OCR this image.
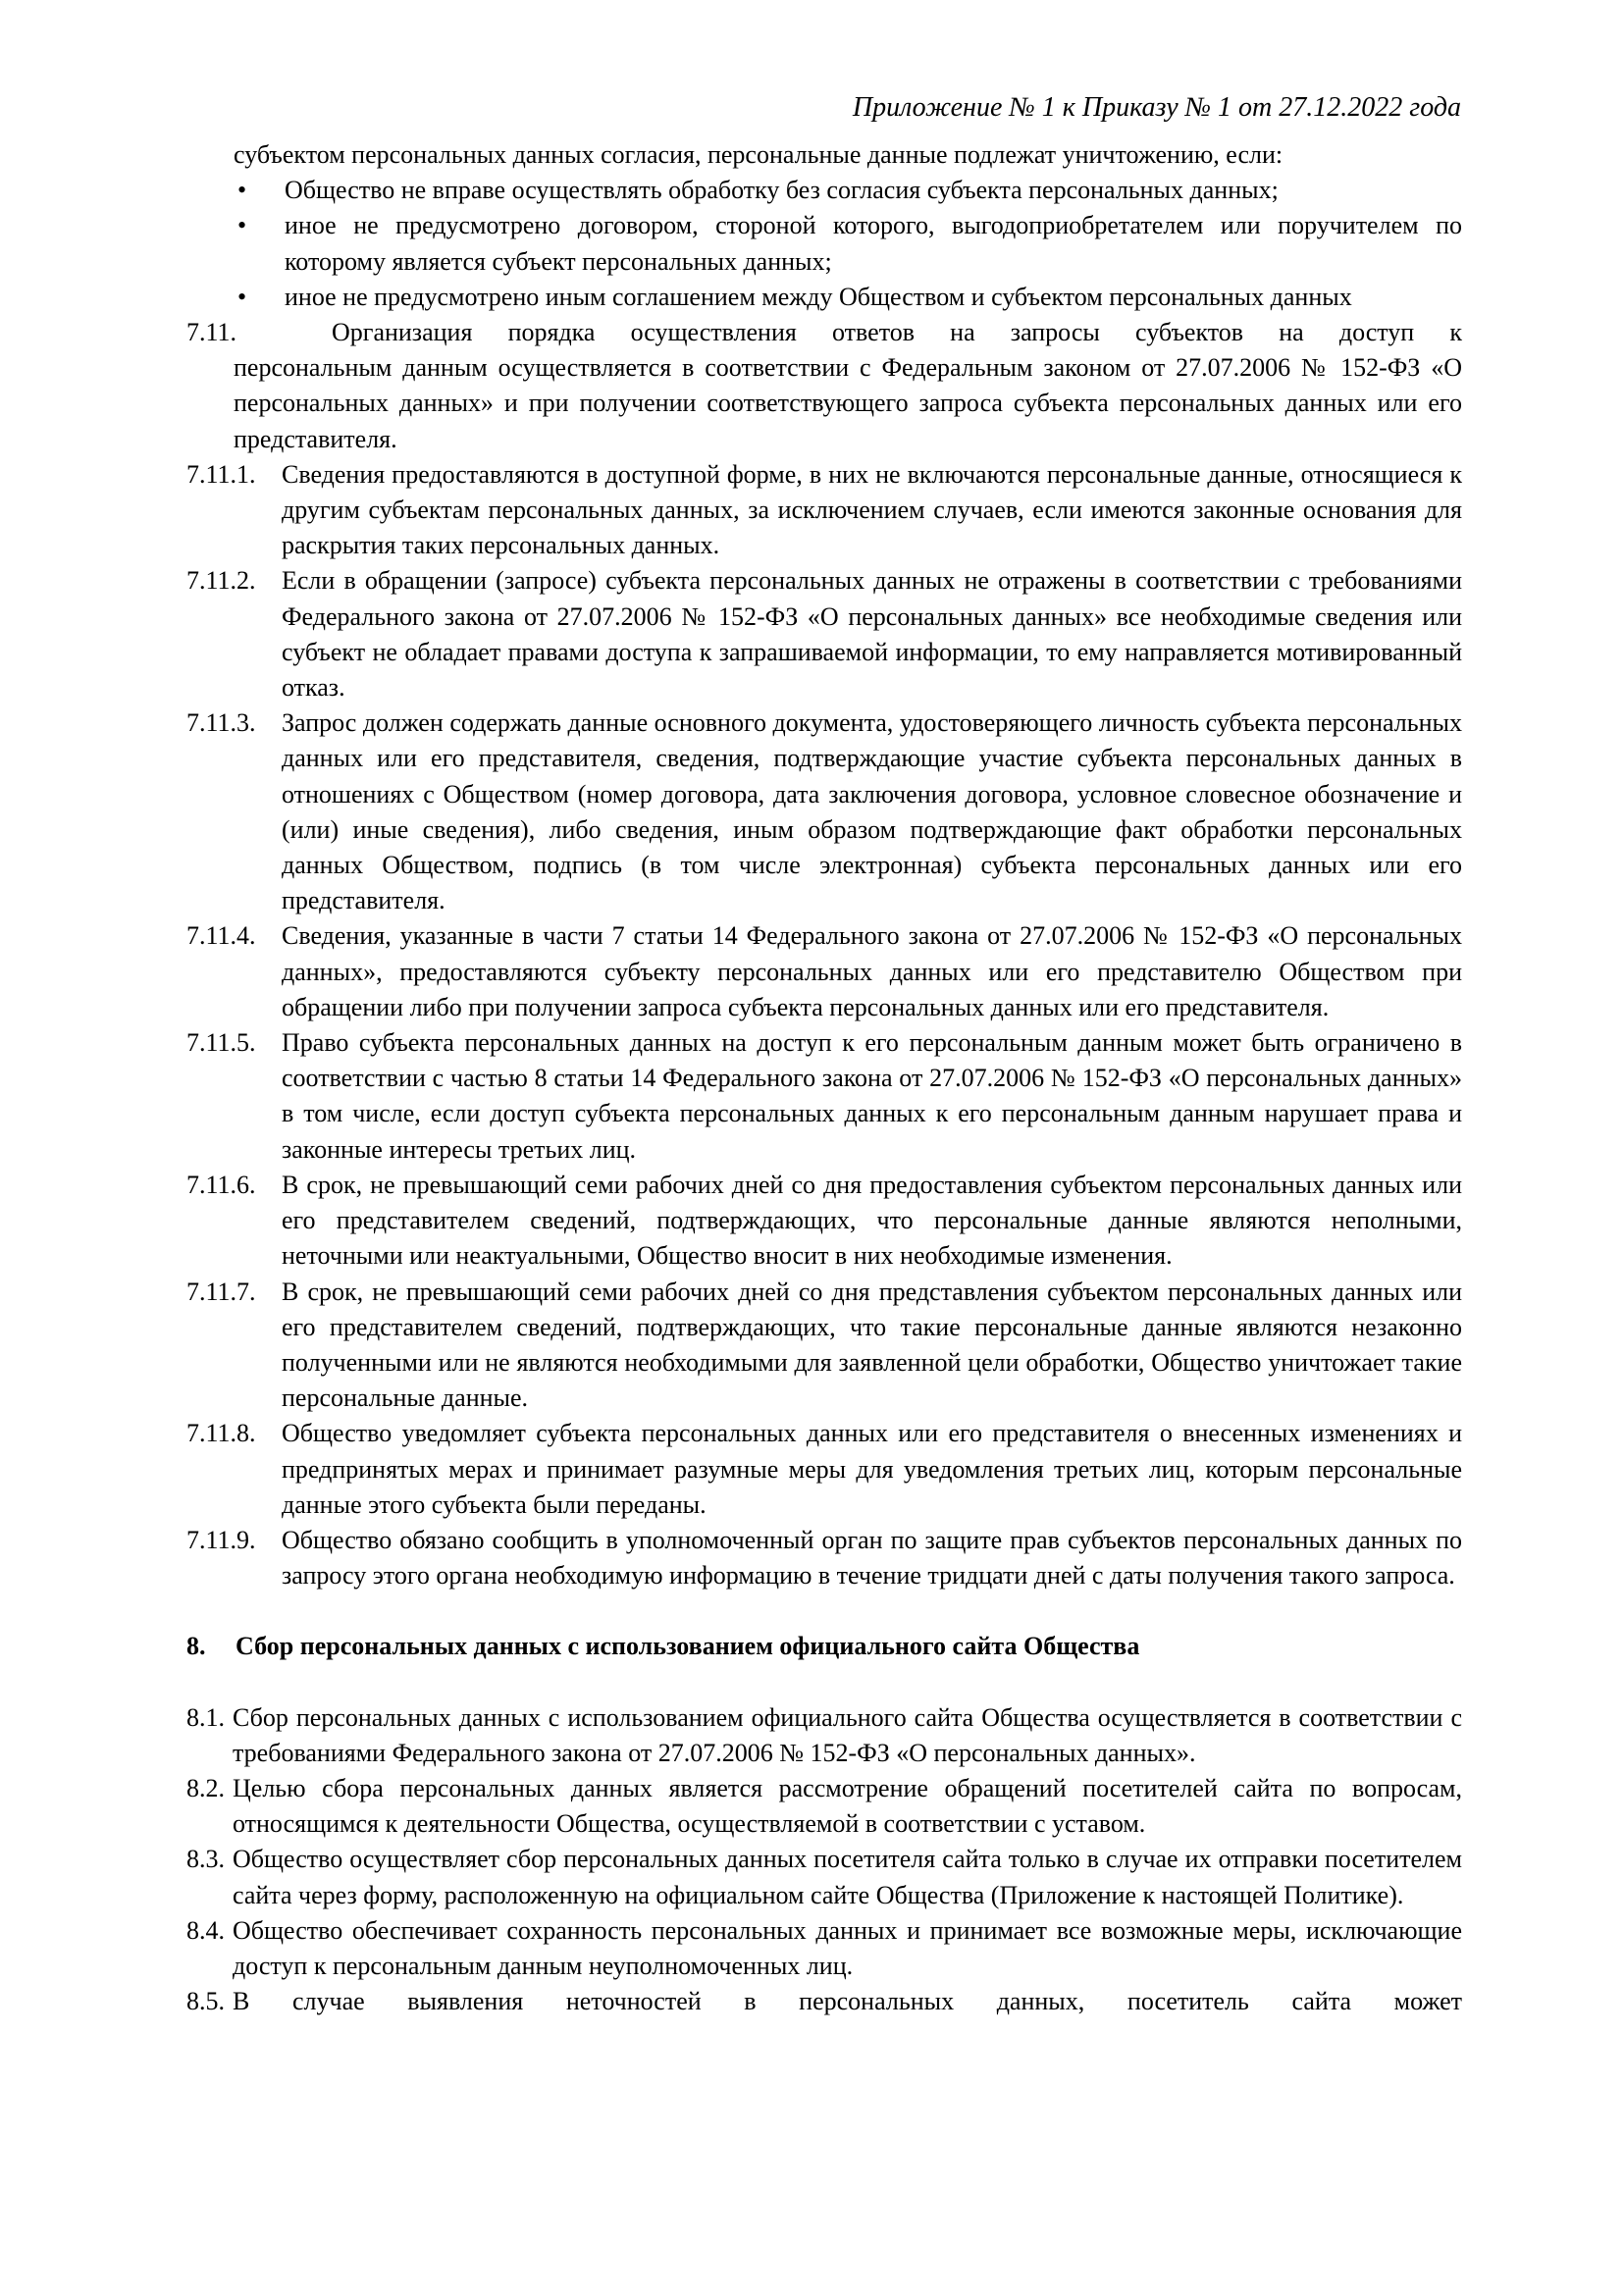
Приложение № 1 к Приказу № 1 от 27.12.2022 года

субъектом персональных данных согласия, персональные данные подлежат уничтожению, если:

• Общество не вправе осуществлять обработку без согласия субъекта персональных данных;
• иное не предусмотрено договором, стороной которого, выгодоприобретателем или поручителем по которому является субъект персональных данных;
• иное не предусмотрено иным соглашением между Обществом и субъектом персональных данных
7.11.	Организация порядка осуществления ответов на запросы субъектов на доступ к
персональным данным осуществляется в соответствии с Федеральным законом от 27.07.2006 № 152-ФЗ «О персональных данных» и при получении соответствующего запроса субъекта персональных данных или его представителя.
7.11.1. Сведения предоставляются в доступной форме, в них не включаются персональные данные, относящиеся к другим субъектам персональных данных, за исключением случаев, если имеются законные основания для раскрытия таких персональных данных.
7.11.2. Если в обращении (запросе) субъекта персональных данных не отражены в соответствии с требованиями Федерального закона от 27.07.2006 № 152-ФЗ «О персональных данных» все необходимые сведения или субъект не обладает правами доступа к запрашиваемой информации, то ему направляется мотивированный отказ.
7.11.3. Запрос должен содержать данные основного документа, удостоверяющего личность субъекта персональных данных или его представителя, сведения, подтверждающие участие субъекта персональных данных в отношениях с Обществом (номер договора, дата заключения договора, условное словесное обозначение и (или) иные сведения), либо сведения, иным образом подтверждающие факт обработки персональных данных Обществом, подпись (в том числе электронная) субъекта персональных данных или его представителя.
7.11.4. Сведения, указанные в части 7 статьи 14 Федерального закона от 27.07.2006 № 152-ФЗ «О персональных данных», предоставляются субъекту персональных данных или его представителю Обществом при обращении либо при получении запроса субъекта персональных данных или его представителя.
7.11.5. Право субъекта персональных данных на доступ к его персональным данным может быть ограничено в соответствии с частью 8 статьи 14 Федерального закона от 27.07.2006 № 152-ФЗ «О персональных данных» в том числе, если доступ субъекта персональных данных к его персональным данным нарушает права и законные интересы третьих лиц.
7.11.6. В срок, не превышающий семи рабочих дней со дня предоставления субъектом персональных данных или его представителем сведений, подтверждающих, что персональные данные являются неполными, неточными или неактуальными, Общество вносит в них необходимые изменения.
7.11.7. В срок, не превышающий семи рабочих дней со дня представления субъектом персональных данных или его представителем сведений, подтверждающих, что такие персональные данные являются незаконно полученными или не являются необходимыми для заявленной цели обработки, Общество уничтожает такие персональные данные.
7.11.8. Общество уведомляет субъекта персональных данных или его представителя о внесенных изменениях и предпринятых мерах и принимает разумные меры для уведомления третьих лиц, которым персональные данные этого субъекта были переданы.
7.11.9. Общество обязано сообщить в уполномоченный орган по защите прав субъектов персональных данных по запросу этого органа необходимую информацию в течение тридцати дней с даты получения такого запроса.
8. Сбор персональных данных с использованием официального сайта Общества
8.1. Сбор персональных данных с использованием официального сайта Общества осуществляется в соответствии с требованиями Федерального закона от 27.07.2006 № 152-ФЗ «О персональных данных».
8.2. Целью сбора персональных данных является рассмотрение обращений посетителей сайта по вопросам, относящимся к деятельности Общества, осуществляемой в соответствии с уставом.
8.3. Общество осуществляет сбор персональных данных посетителя сайта только в случае их отправки посетителем сайта через форму, расположенную на официальном сайте Общества (Приложение к настоящей Политике).
8.4. Общество обеспечивает сохранность персональных данных и принимает все возможные меры, исключающие доступ к персональным данным неуполномоченных лиц.
8.5. В случае выявления неточностей в персональных данных, посетитель сайта может
